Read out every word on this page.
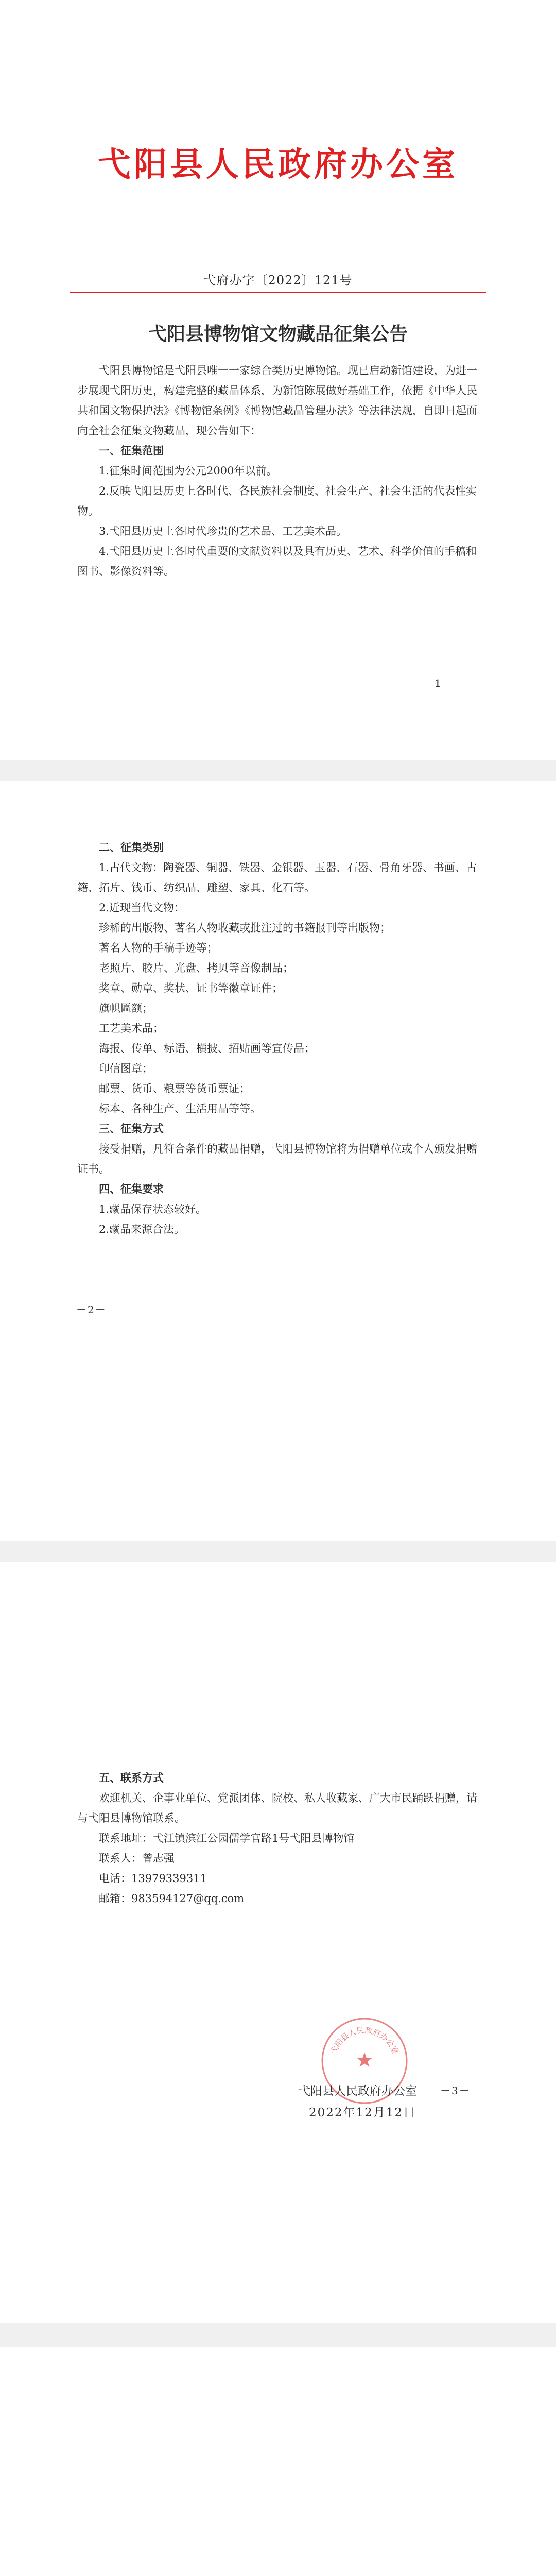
弋阳县人民政府办公室
弋府办字〔2022〕121号
弋阳县博物馆文物藏品征集公告

弋阳县博物馆是弋阳县唯一一家综合类历史博物馆。现已启动新馆建设，为进一步展现弋阳历史，构建完整的藏品体系，为新馆陈展做好基础工作，依据《中华人民共和国文物保护法》《博物馆条例》《博物馆藏品管理办法》等法律法规，自即日起面向全社会征集文物藏品，现公告如下：

一、征集范围

1.征集时间范围为公元2000年以前。

2.反映弋阳县历史上各时代、各民族社会制度、社会生产、社会生活的代表性实物。

3.弋阳县历史上各时代珍贵的艺术品、工艺美术品。

4.弋阳县历史上各时代重要的文献资料以及具有历史、艺术、科学价值的手稿和图书、影像资料等。

－1－

二、征集类别

1.古代文物：陶瓷器、铜器、铁器、金银器、玉器、石器、骨角牙器、书画、古籍、拓片、钱币、纺织品、雕塑、家具、化石等。

2.近现当代文物：

珍稀的出版物、著名人物收藏或批注过的书籍报刊等出版物；

著名人物的手稿手迹等；

老照片、胶片、光盘、拷贝等音像制品；

奖章、勋章、奖状、证书等徽章证件；

旗帜匾额；

工艺美术品；

海报、传单、标语、横披、招贴画等宣传品；

印信图章；

邮票、货币、粮票等货币票证；

标本、各种生产、生活用品等等。

三、征集方式

接受捐赠，凡符合条件的藏品捐赠，弋阳县博物馆将为捐赠单位或个人颁发捐赠证书。

四、征集要求

1.藏品保存状态较好。

2.藏品来源合法。

－2－

五、联系方式

欢迎机关、企事业单位、党派团体、院校、私人收藏家、广大市民踊跃捐赠，请与弋阳县博物馆联系。

联系地址：弋江镇滨江公园儒学官路1号弋阳县博物馆

联系人：曾志强

电话：13979339311

邮箱：983594127@qq.com

弋阳县人民政府办公室
★
弋阳县人民政府办公室
2022年12月12日
－3－
